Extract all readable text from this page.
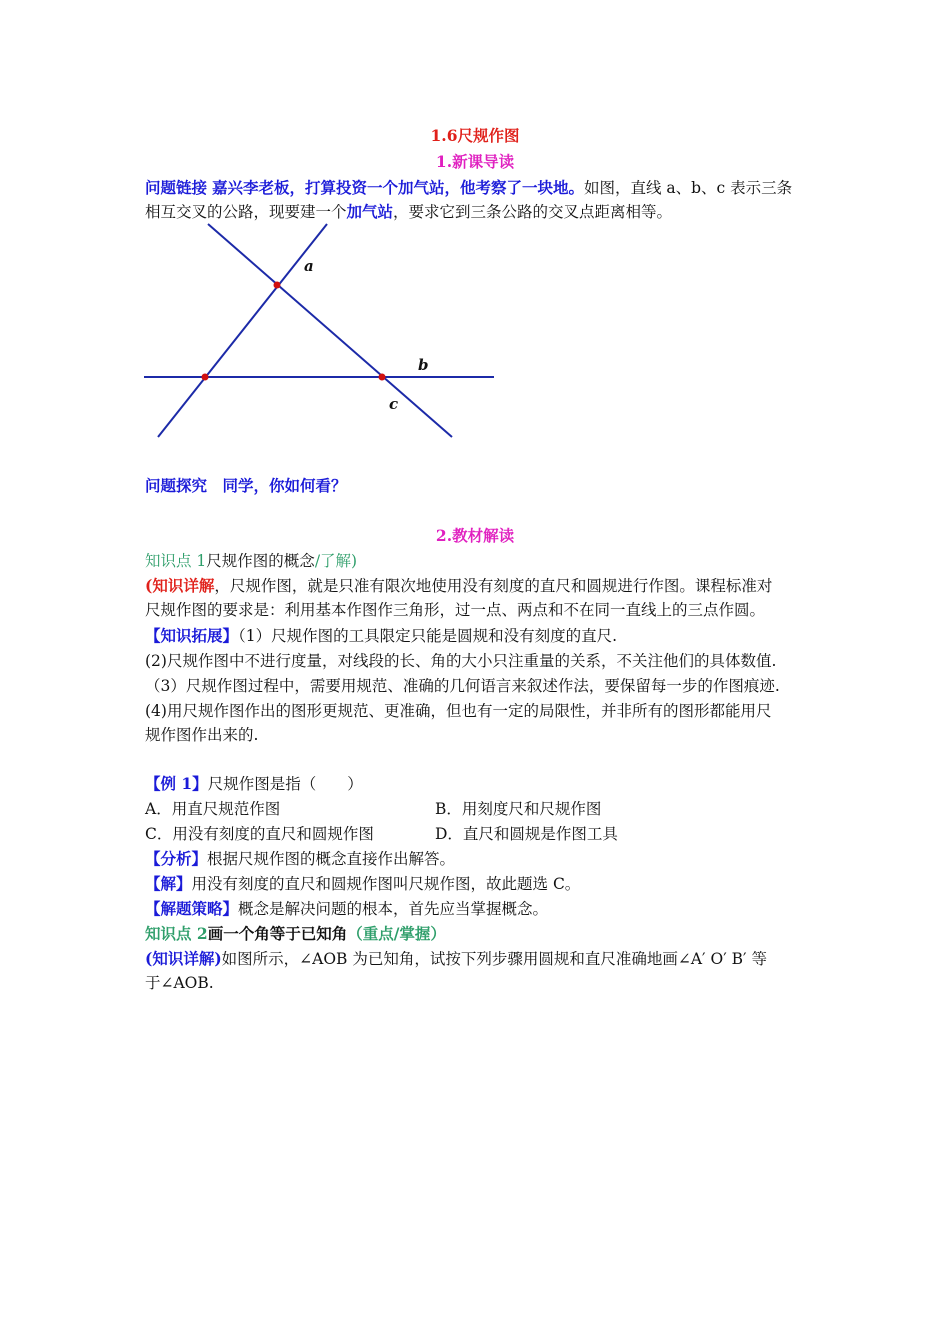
1.6尺规作图
1.新课导读
问题链接 嘉兴李老板，打算投资一个加气站，他考察了一块地。如图，直线 a、b、c 表示三条
相互交叉的公路，现要建一个加气站，要求它到三条公路的交叉点距离相等。
a
b
c
问题探究　 同学，你如何看？
2.教材解读
知识点 1尺规作图的概念/了解)
(知识详解，尺规作图，就是只准有限次地使用没有刻度的直尺和圆规进行作图。课程标准对
尺规作图的要求是：利用基本作图作三角形，过一点、两点和不在同一直线上的三点作圆。
【知识拓展】（1）尺规作图的工具限定只能是圆规和没有刻度的直尺.
(2)尺规作图中不进行度量，对线段的长、角的大小只注重量的关系，不关注他们的具体数值.
（3）尺规作图过程中，需要用规范、准确的几何语言来叙述作法，要保留每一步的作图痕迹.
(4)用尺规作图作出的图形更规范、更准确，但也有一定的局限性，并非所有的图形都能用尺
规作图作出来的.
【例 1】尺规作图是指（　　）
A．用直尺规范作图	B．用刻度尺和尺规作图
C．用没有刻度的直尺和圆规作图	D．直尺和圆规是作图工具
【分析】根据尺规作图的概念直接作出解答。
【解】用没有刻度的直尺和圆规作图叫尺规作图，故此题选 C。
【解题策略】概念是解决问题的根本，首先应当掌握概念。
知识点 2画一个角等于已知角（重点/掌握）
(知识详解)如图所示，∠AOB 为已知角，试按下列步骤用圆规和直尺准确地画∠A′ O′ B′ 等
于∠AOB.
